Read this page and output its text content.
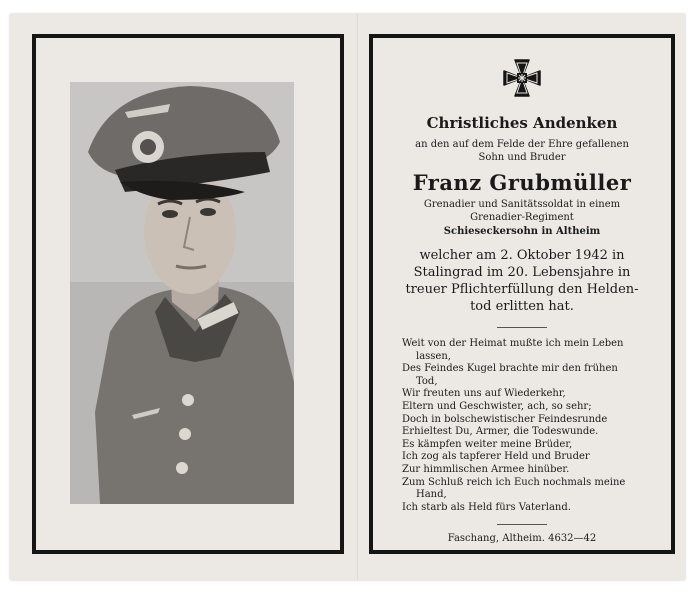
Christliches Andenken
an den auf dem Felde der Ehre gefallenen
Sohn und Bruder
Franz Grubmüller
Grenadier und Sanitätssoldat in einem
Grenadier-Regiment
Schieseckersohn in Altheim
welcher am 2. Oktober 1942 in
Stalingrad im 20. Lebensjahre in
treuer Pflichterfüllung den Helden-
tod erlitten hat.
Weit von der Heimat mußte ich mein Leben
lassen,
Des Feindes Kugel brachte mir den frühen
Tod,
Wir freuten uns auf Wiederkehr,
Eltern und Geschwister, ach, so sehr;
Doch in bolschewistischer Feindesrunde
Erhieltest Du, Armer, die Todeswunde.
Es kämpfen weiter meine Brüder,
Ich zog als tapferer Held und Bruder
Zur himmlischen Armee hinüber.
Zum Schluß reich ich Euch nochmals meine
Hand,
Ich starb als Held fürs Vaterland.
Faschang, Altheim. 4632—42
